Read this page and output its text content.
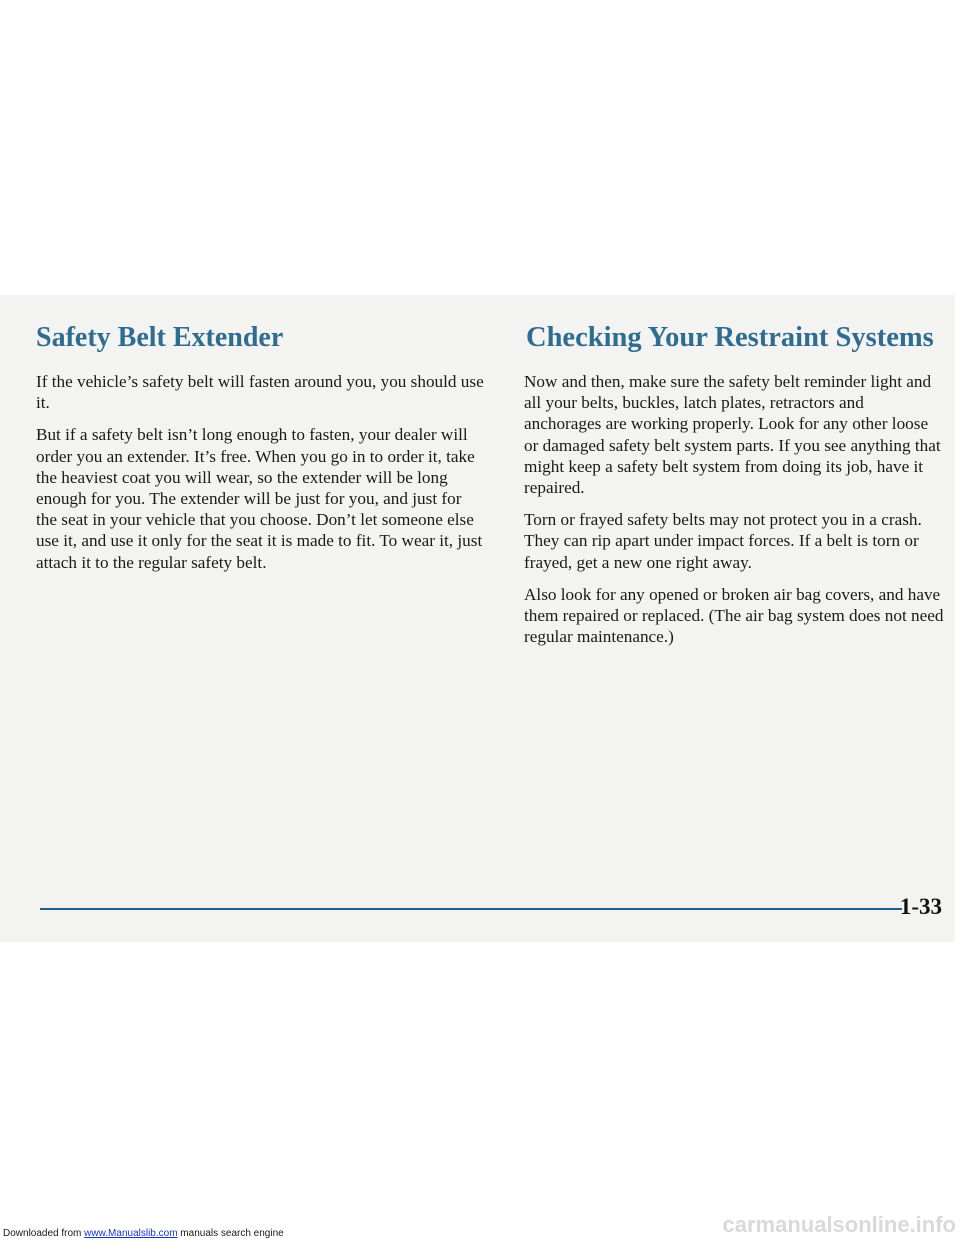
Safety Belt Extender

If the vehicle’s safety belt will fasten around you, you should use it.

But if a safety belt isn’t long enough to fasten, your dealer will order you an extender. It’s free. When you go in to order it, take the heaviest coat you will wear, so the extender will be long enough for you. The extender will be just for you, and just for the seat in your vehicle that you choose. Don’t let someone else use it, and use it only for the seat it is made to fit. To wear it, just attach it to the regular safety belt.

Checking Your Restraint Systems

Now and then, make sure the safety belt reminder light and all your belts, buckles, latch plates, retractors and anchorages are working properly. Look for any other loose or damaged safety belt system parts. If you see anything that might keep a safety belt system from doing its job, have it repaired.

Torn or frayed safety belts may not protect you in a crash. They can rip apart under impact forces. If a belt is torn or frayed, get a new one right away.

Also look for any opened or broken air bag covers, and have them repaired or replaced. (The air bag system does not need regular maintenance.)

1-33
Downloaded from www.Manualslib.com manuals search engine	carmanualsonline.info
